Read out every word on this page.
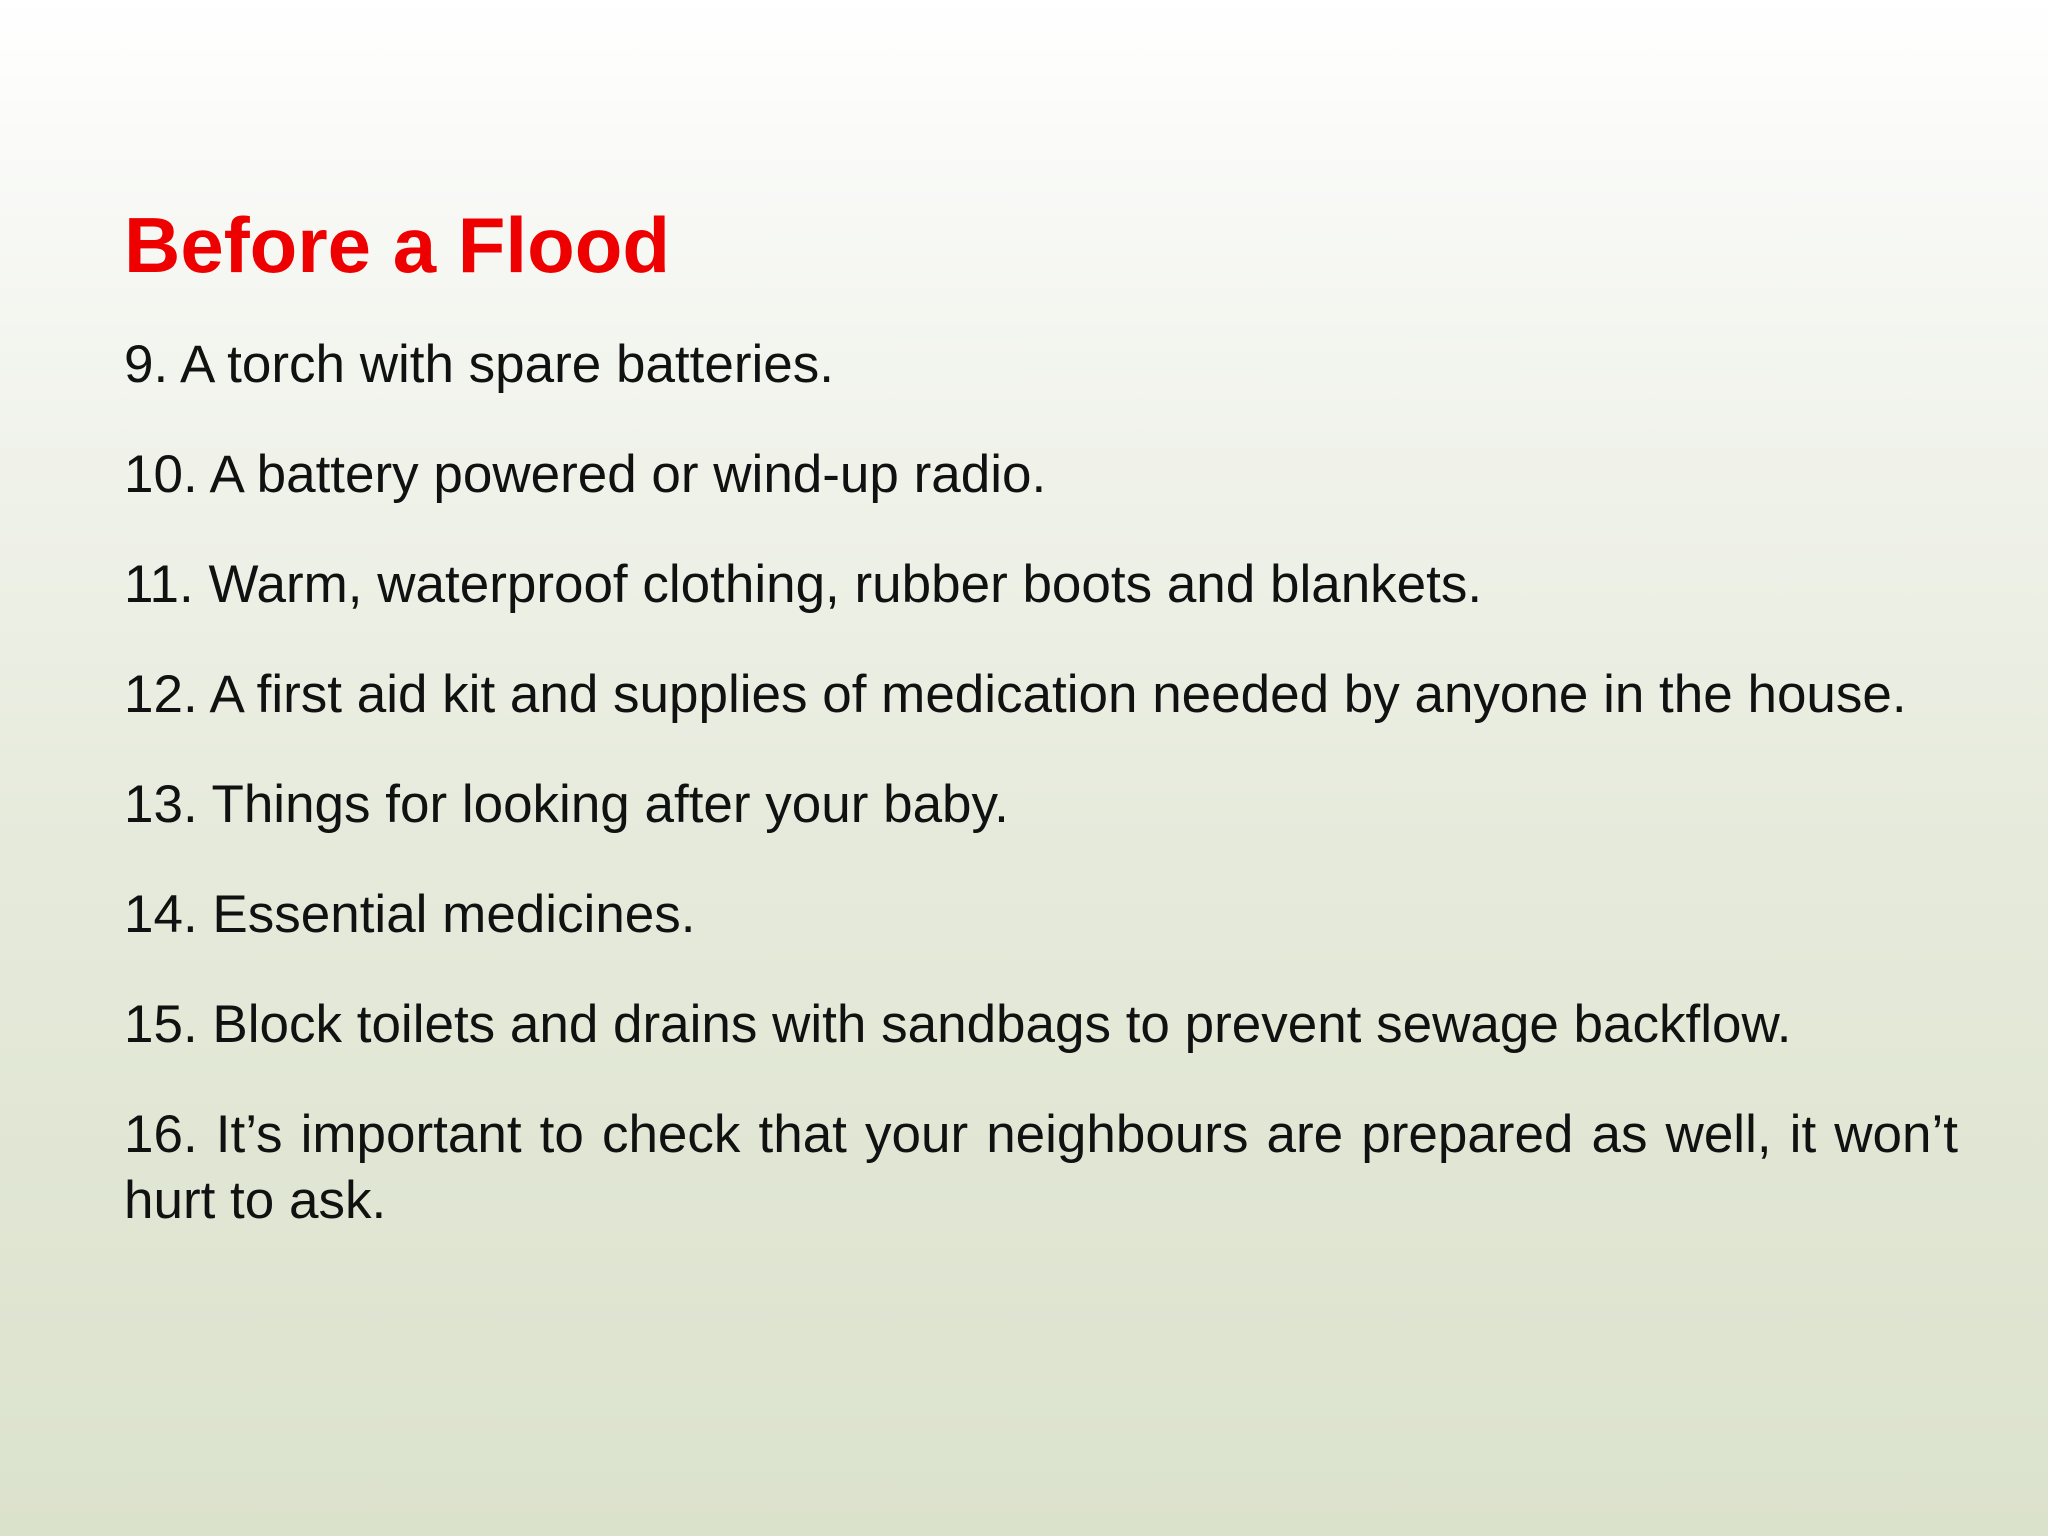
Before a Flood
9. A torch with spare batteries.
10. A battery powered or wind-up radio.
11. Warm, waterproof clothing, rubber boots and blankets.
12. A first aid kit and supplies of medication needed by anyone in the house.
13. Things for looking after your baby.
14. Essential medicines.
15. Block toilets and drains with sandbags to prevent sewage backflow.
16. It’s important to check that your neighbours are prepared as well, it won’t hurt to ask.
